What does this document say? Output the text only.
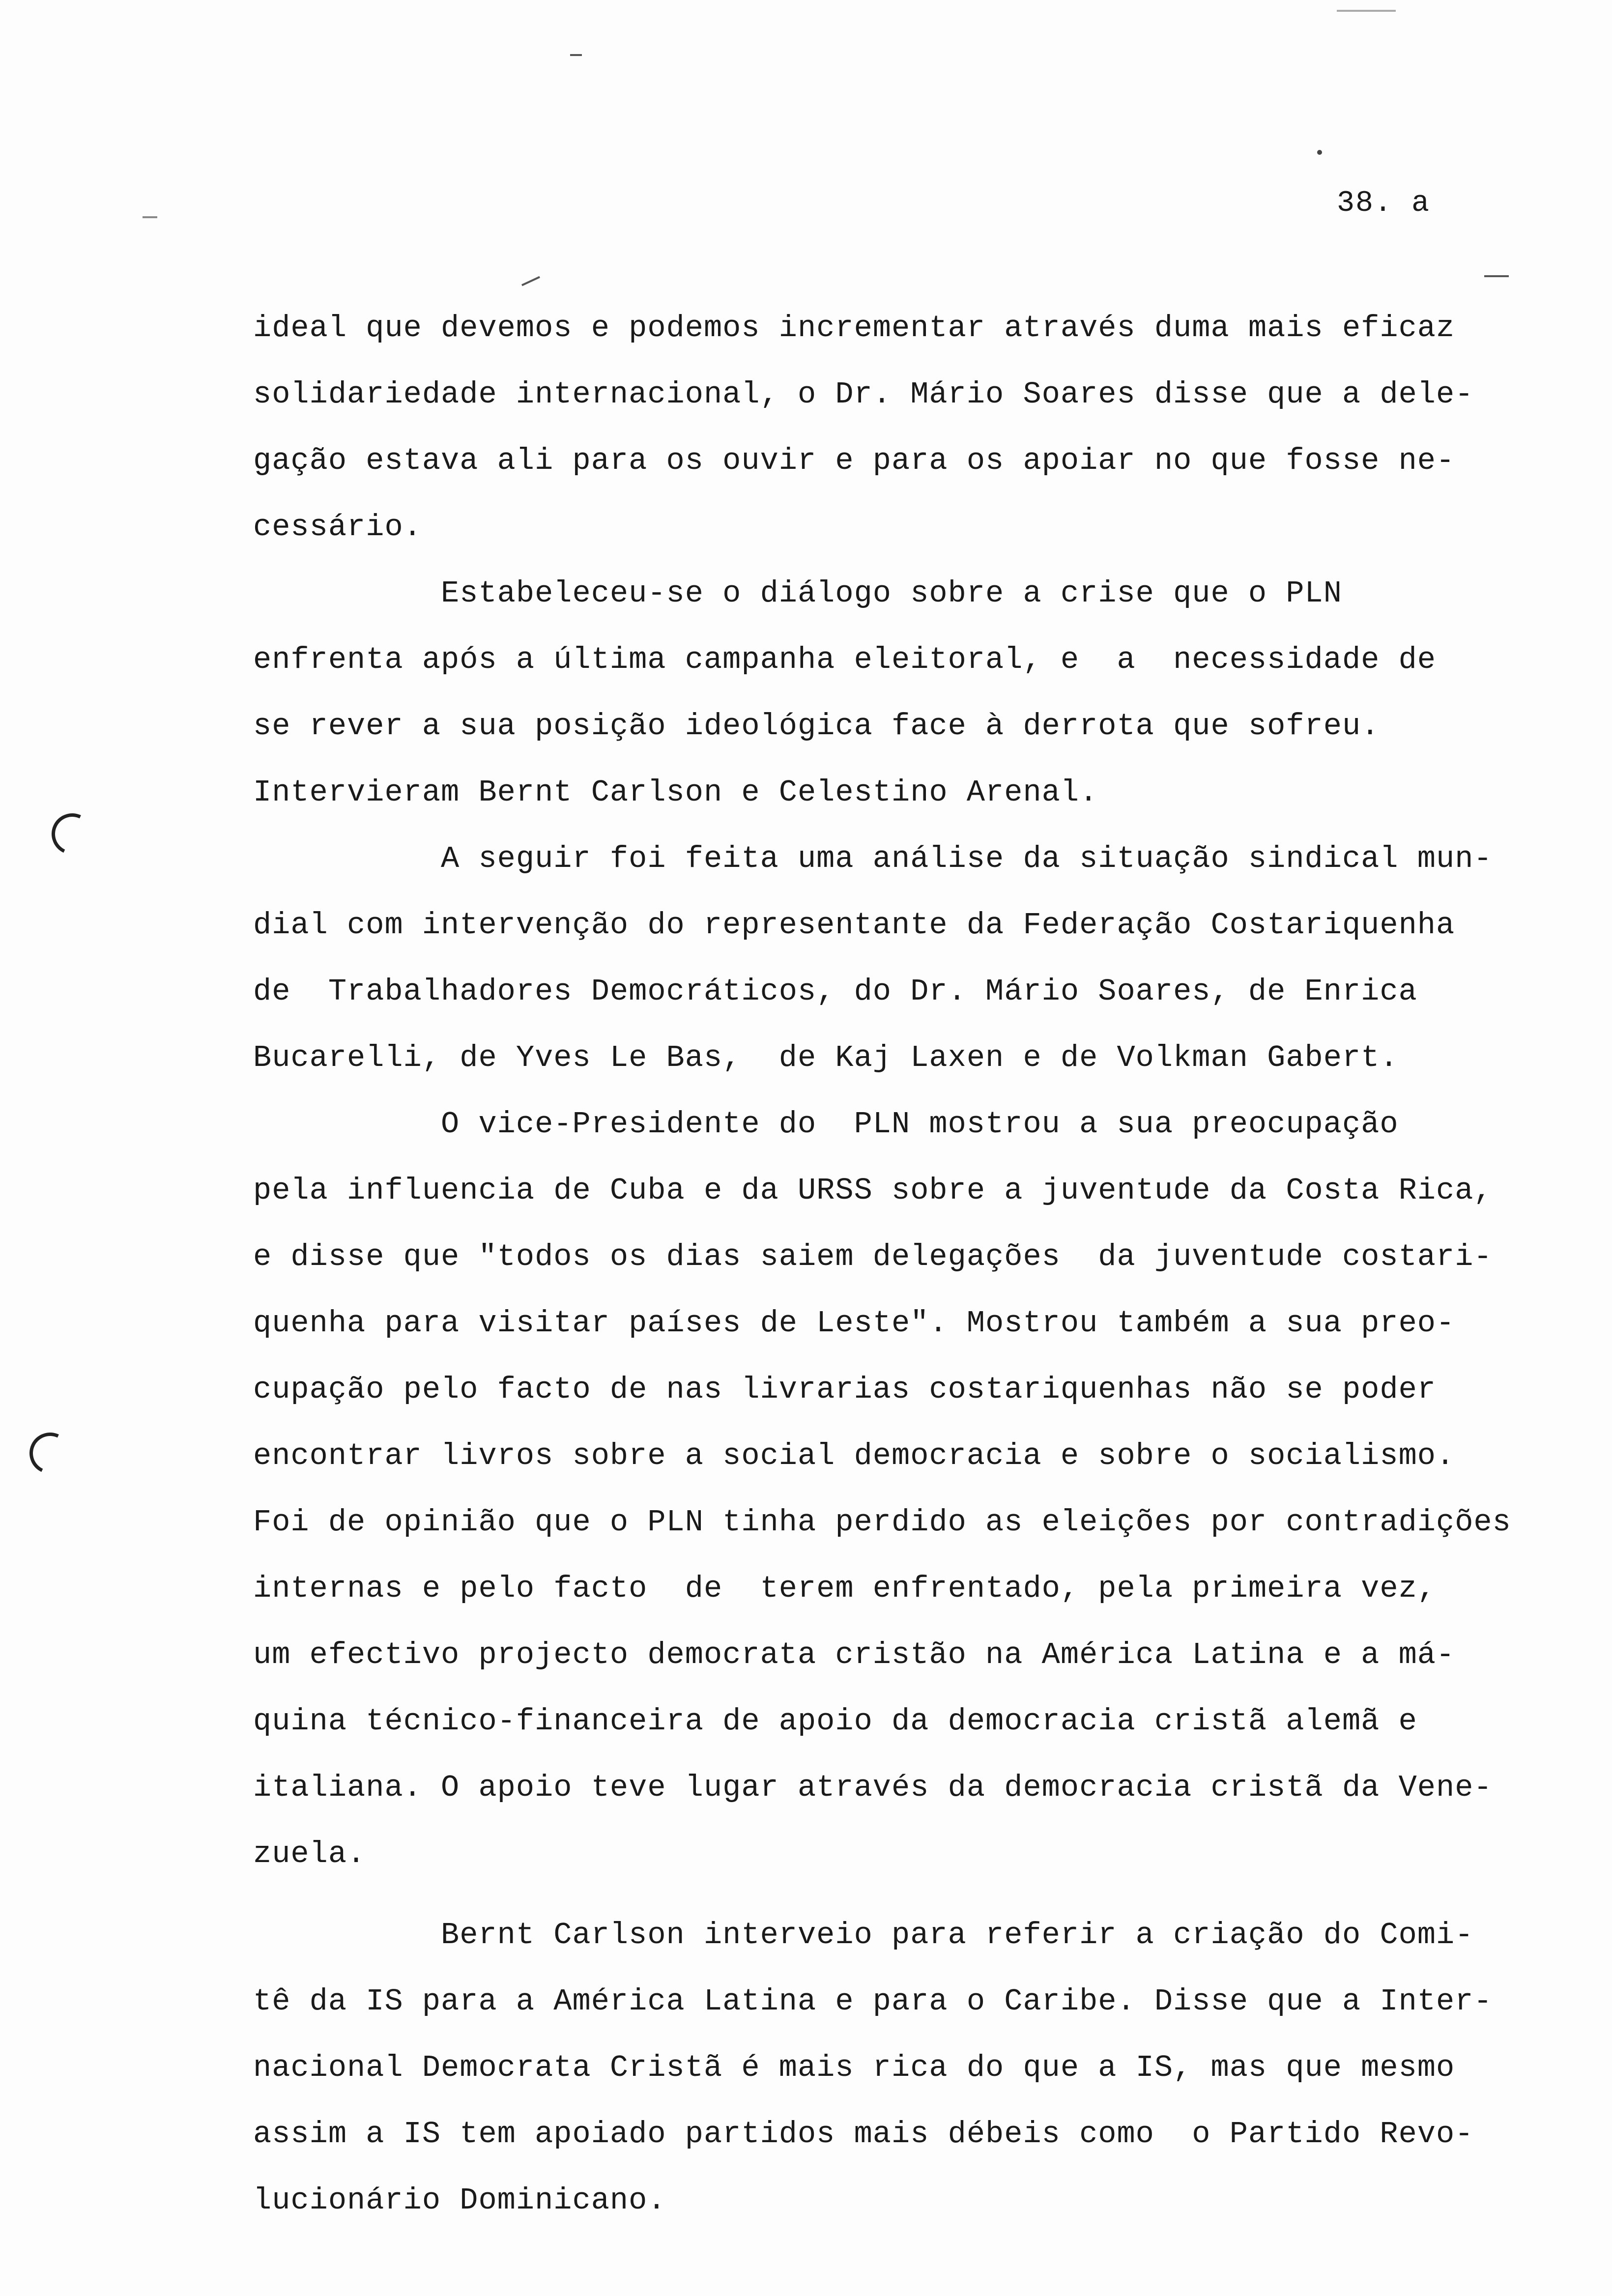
38. a
ideal que devemos e podemos incrementar através duma mais eficaz
solidariedade internacional, o Dr. Mário Soares disse que a dele-
gação estava ali para os ouvir e para os apoiar no que fosse ne-
cessário.
Estabeleceu-se o diálogo sobre a crise que o PLN
enfrenta após a última campanha eleitoral, e  a  necessidade de
se rever a sua posição ideológica face à derrota que sofreu.
Intervieram Bernt Carlson e Celestino Arenal.
A seguir foi feita uma análise da situação sindical mun-
dial com intervenção do representante da Federação Costariquenha
de  Trabalhadores Democráticos, do Dr. Mário Soares, de Enrica
Bucarelli, de Yves Le Bas,  de Kaj Laxen e de Volkman Gabert.
O vice-Presidente do  PLN mostrou a sua preocupação
pela influencia de Cuba e da URSS sobre a juventude da Costa Rica,
e disse que "todos os dias saiem delegações  da juventude costari-
quenha para visitar países de Leste". Mostrou também a sua preo-
cupação pelo facto de nas livrarias costariquenhas não se poder
encontrar livros sobre a social democracia e sobre o socialismo.
Foi de opinião que o PLN tinha perdido as eleições por contradições
internas e pelo facto  de  terem enfrentado, pela primeira vez,
um efectivo projecto democrata cristão na América Latina e a má-
quina técnico-financeira de apoio da democracia cristã alemã e
italiana. O apoio teve lugar através da democracia cristã da Vene-
zuela.
Bernt Carlson interveio para referir a criação do Comi-
tê da IS para a América Latina e para o Caribe. Disse que a Inter-
nacional Democrata Cristã é mais rica do que a IS, mas que mesmo
assim a IS tem apoiado partidos mais débeis como  o Partido Revo-
lucionário Dominicano.
